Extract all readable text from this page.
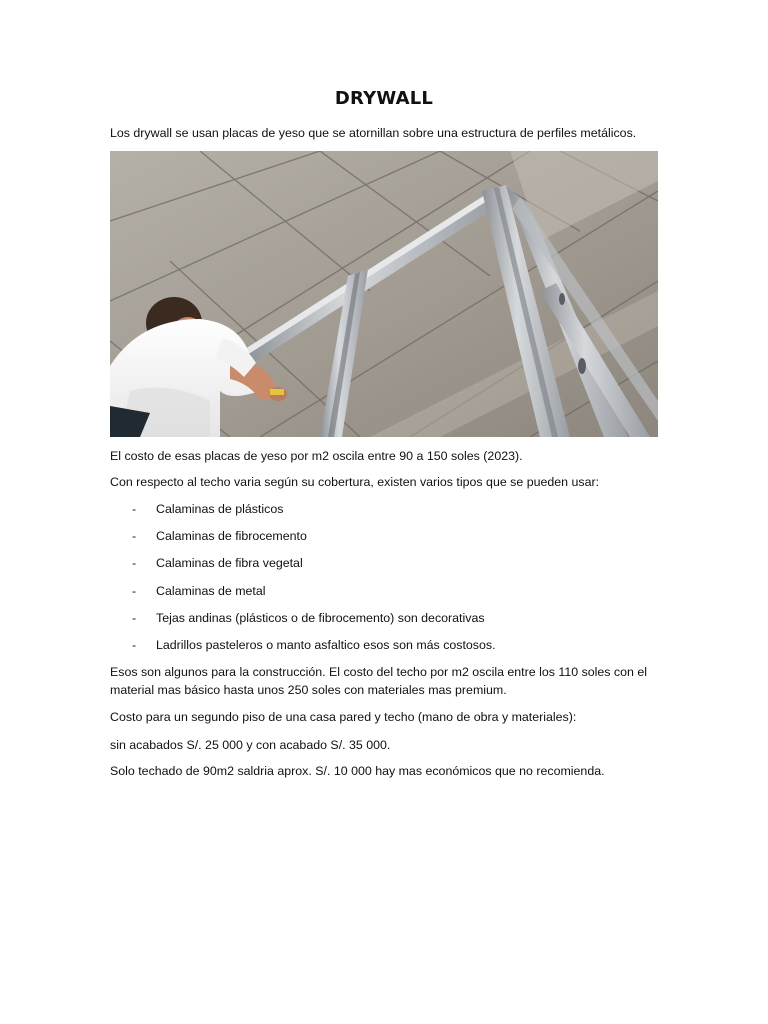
DRYWALL
Los drywall se usan placas de yeso que se atornillan sobre una estructura de perfiles metálicos.
El costo de esas placas de yeso por m2 oscila entre 90 a 150 soles (2023).
Con respecto al techo varia según su cobertura, existen varios tipos que se pueden usar:
- Calaminas de plásticos
- Calaminas de fibrocemento
- Calaminas de fibra vegetal
- Calaminas de metal
- Tejas andinas (plásticos o de fibrocemento) son decorativas
- Ladrillos pasteleros o manto asfaltico esos son más costosos.
Esos son algunos para la construcción. El costo del techo por m2 oscila entre los 110 soles con el material mas básico hasta unos 250 soles con materiales mas premium.
Costo para un segundo piso de una casa pared y techo (mano de obra y materiales):
sin acabados S/. 25 000 y con acabado S/. 35 000.
Solo techado de 90m2 saldria aprox. S/. 10 000 hay mas económicos que no recomienda.
